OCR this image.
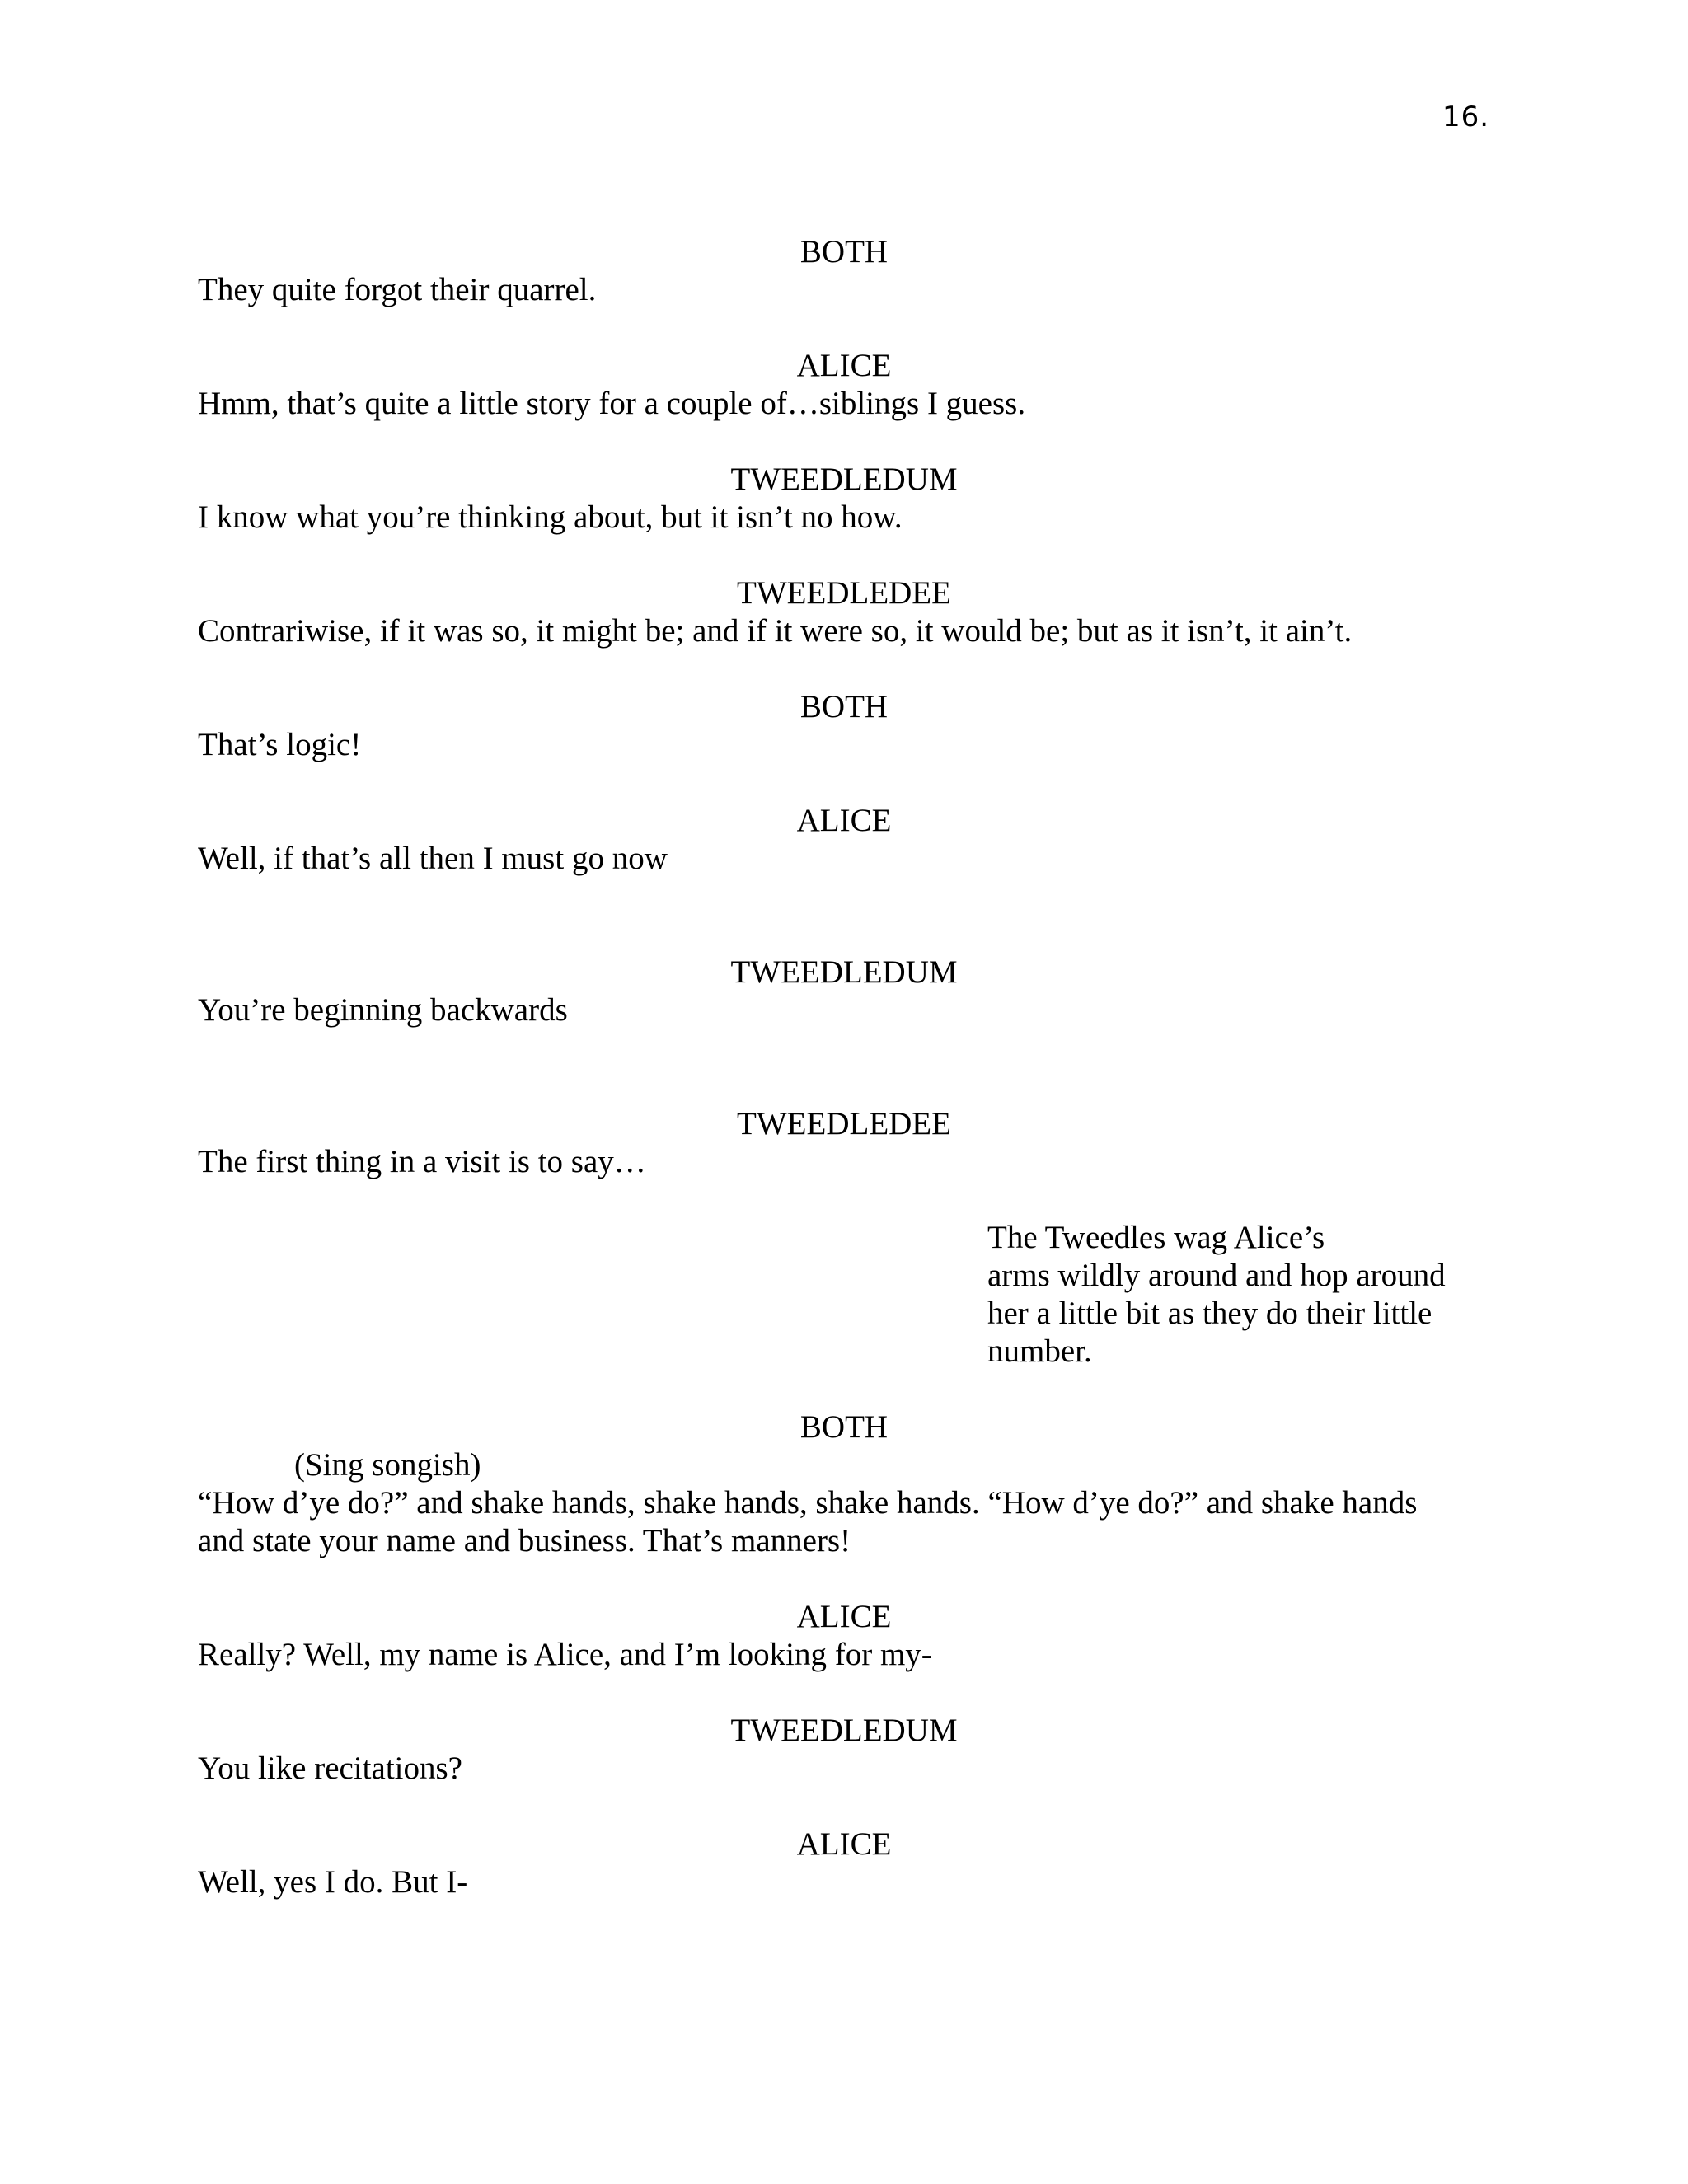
16.
BOTH
They quite forgot their quarrel.
ALICE
Hmm, that’s quite a little story for a couple of…siblings I guess.
TWEEDLEDUM
I know what you’re thinking about, but it isn’t no how.
TWEEDLEDEE
Contrariwise, if it was so, it might be; and if it were so, it would be; but as it isn’t, it ain’t.
BOTH
That’s logic!
ALICE
Well, if that’s all then I must go now
TWEEDLEDUM
You’re beginning backwards
TWEEDLEDEE
The first thing in a visit is to say…
The Tweedles wag Alice’s
arms wildly around and hop around
her a little bit as they do their little
number.
BOTH
(Sing songish)
“How d’ye do?” and shake hands, shake hands, shake hands. “How d’ye do?” and shake hands
and state your name and business. That’s manners!
ALICE
Really? Well, my name is Alice, and I’m looking for my-
TWEEDLEDUM
You like recitations?
ALICE
Well, yes I do. But I-
